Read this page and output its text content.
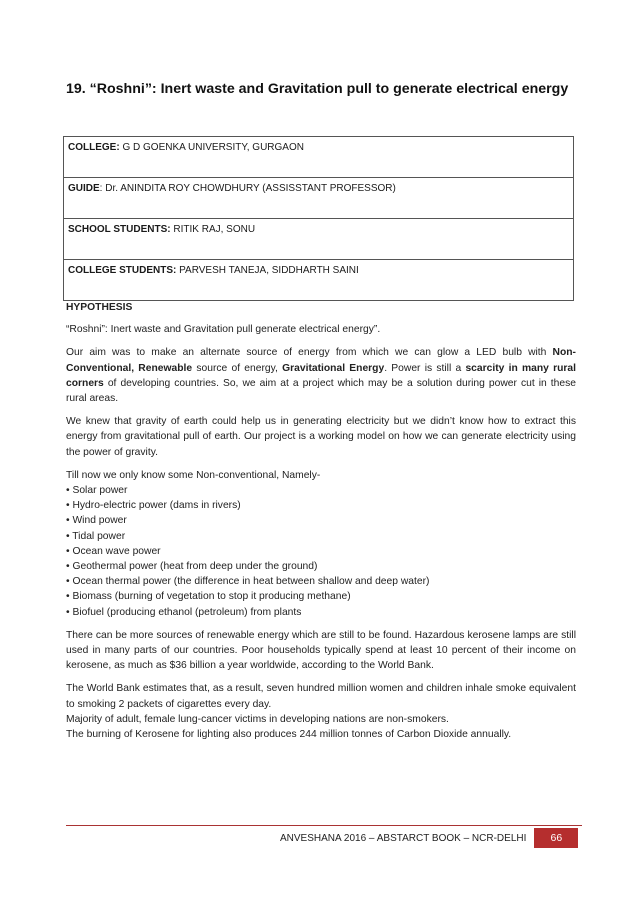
19. “Roshni”: Inert waste and Gravitation pull to generate electrical energy
COLLEGE: G D GOENKA UNIVERSITY, GURGAON
GUIDE: Dr. ANINDITA ROY CHOWDHURY (ASSISSTANT PROFESSOR)
SCHOOL STUDENTS: RITIK RAJ, SONU
COLLEGE STUDENTS: PARVESH TANEJA, SIDDHARTH SAINI

HYPOTHESIS

“Roshni”: Inert waste and Gravitation pull generate electrical energy”.

Our aim was to make an alternate source of energy from which we can glow a LED bulb with Non-Conventional, Renewable source of energy, Gravitational Energy. Power is still a scarcity in many rural corners of developing countries. So, we aim at a project which may be a solution during power cut in these rural areas.

We knew that gravity of earth could help us in generating electricity but we didn’t know how to extract this energy from gravitational pull of earth. Our project is a working model on how we can generate electricity using the power of gravity.

Till now we only know some Non-conventional, Namely-

• Solar power
• Hydro-electric power (dams in rivers)
• Wind power
• Tidal power
• Ocean wave power
• Geothermal power (heat from deep under the ground)
• Ocean thermal power (the difference in heat between shallow and deep water)
• Biomass (burning of vegetation to stop it producing methane)
• Biofuel (producing ethanol (petroleum) from plants

There can be more sources of renewable energy which are still to be found. Hazardous kerosene lamps are still used in many parts of our countries. Poor households typically spend at least 10 percent of their income on kerosene, as much as $36 billion a year worldwide, according to the World Bank.

The World Bank estimates that, as a result, seven hundred million women and children inhale smoke equivalent to smoking 2 packets of cigarettes every day.

Majority of adult, female lung-cancer victims in developing nations are non-smokers.

The burning of Kerosene for lighting also produces 244 million tonnes of Carbon Dioxide annually.

ANVESHANA 2016 – ABSTARCT BOOK – NCR-DELHI	66
